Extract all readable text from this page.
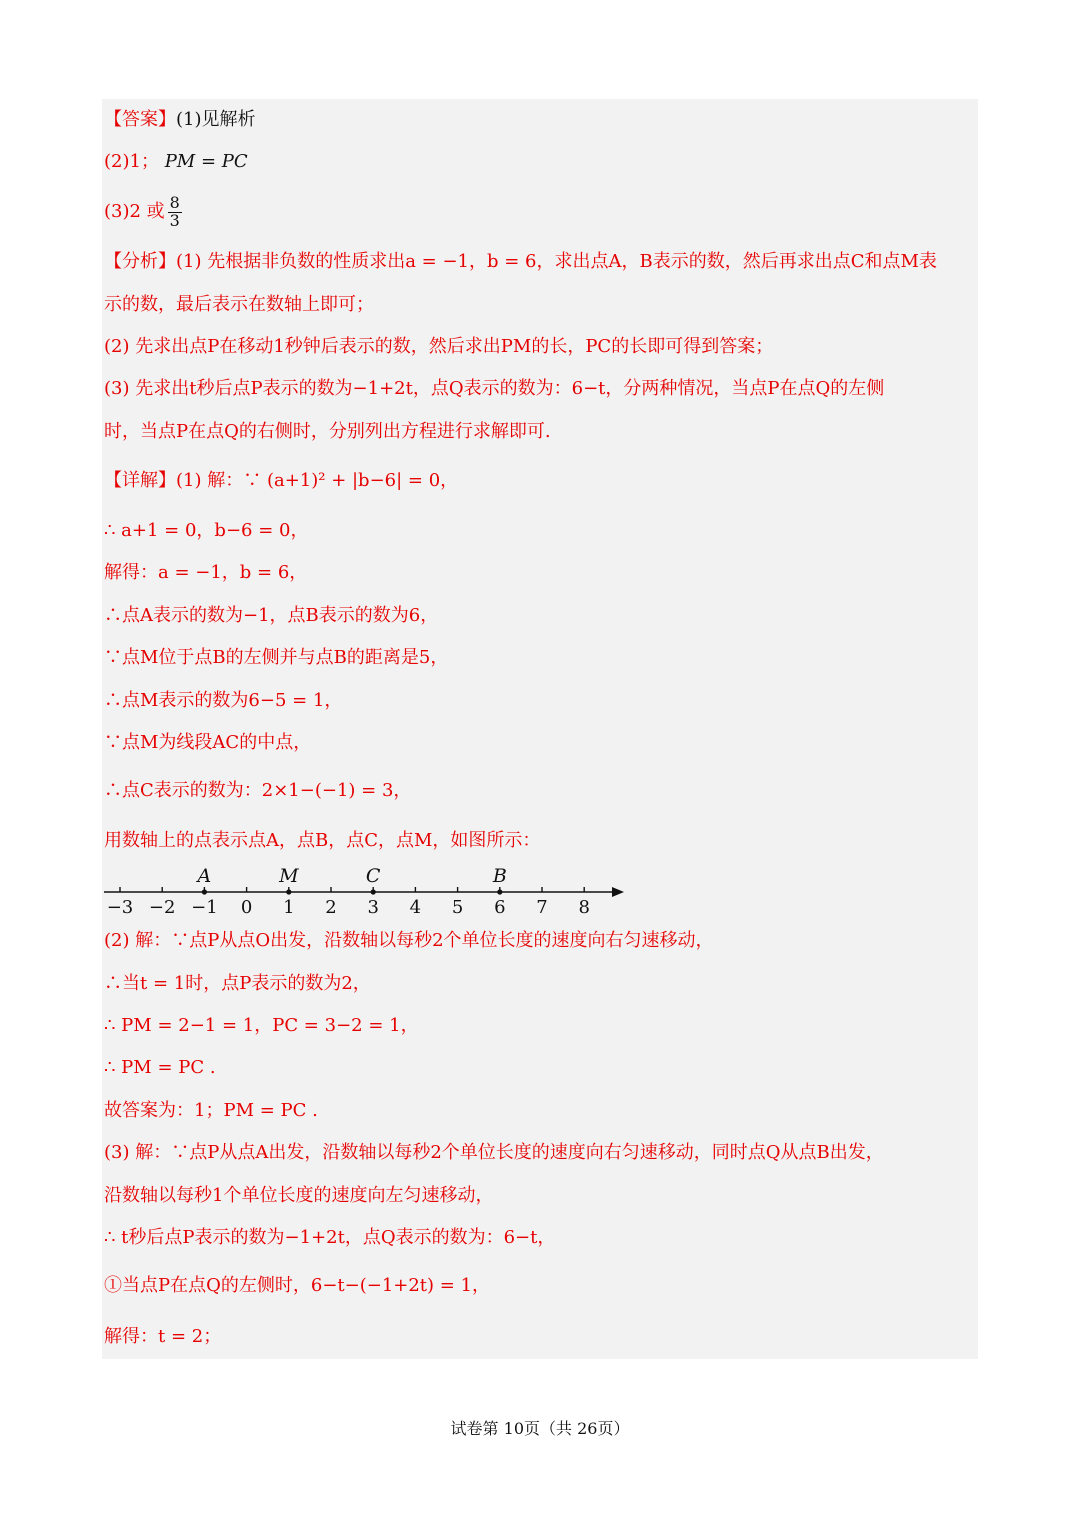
【答案】(1)见解析
(2)1； PM = PC
(3)2 或 $\frac{8}{3}$
【分析】(1) 先根据非负数的性质求出a = −1，b = 6，求出点A，B表示的数，然后再求出点C和点M表
示的数，最后表示在数轴上即可；
(2) 先求出点P在移动1秒钟后表示的数，然后求出PM的长，PC的长即可得到答案；
(3) 先求出t秒后点P表示的数为−1+2t，点Q表示的数为：6−t，分两种情况，当点P在点Q的左侧
时，当点P在点Q的右侧时，分别列出方程进行求解即可.
【详解】(1) 解：∵ (a+1)² + |b−6| = 0，
∴ a+1 = 0，b−6 = 0，
解得：a = −1，b = 6，
∴点A表示的数为−1，点B表示的数为6，
∵点M位于点B的左侧并与点B的距离是5，
∴点M表示的数为6−5 = 1，
∵点M为线段AC的中点，
∴点C表示的数为：2×1−(−1) = 3，
用数轴上的点表示点A，点B，点C，点M，如图所示：
−3 −2 −1 0 1 2 3 4 5 6 7 8
A	M	C	B
(2) 解：∵点P从点O出发，沿数轴以每秒2个单位长度的速度向右匀速移动，
∴当t = 1时，点P表示的数为2，
∴ PM = 2−1 = 1，PC = 3−2 = 1，
∴ PM = PC .
故答案为：1；PM = PC .
(3) 解：∵点P从点A出发，沿数轴以每秒2个单位长度的速度向右匀速移动，同时点Q从点B出发，
沿数轴以每秒1个单位长度的速度向左匀速移动，
∴ t秒后点P表示的数为−1+2t，点Q表示的数为：6−t，
①当点P在点Q的左侧时，6−t−(−1+2t) = 1，
解得：t = 2；
试卷第 10页（共 26页）
